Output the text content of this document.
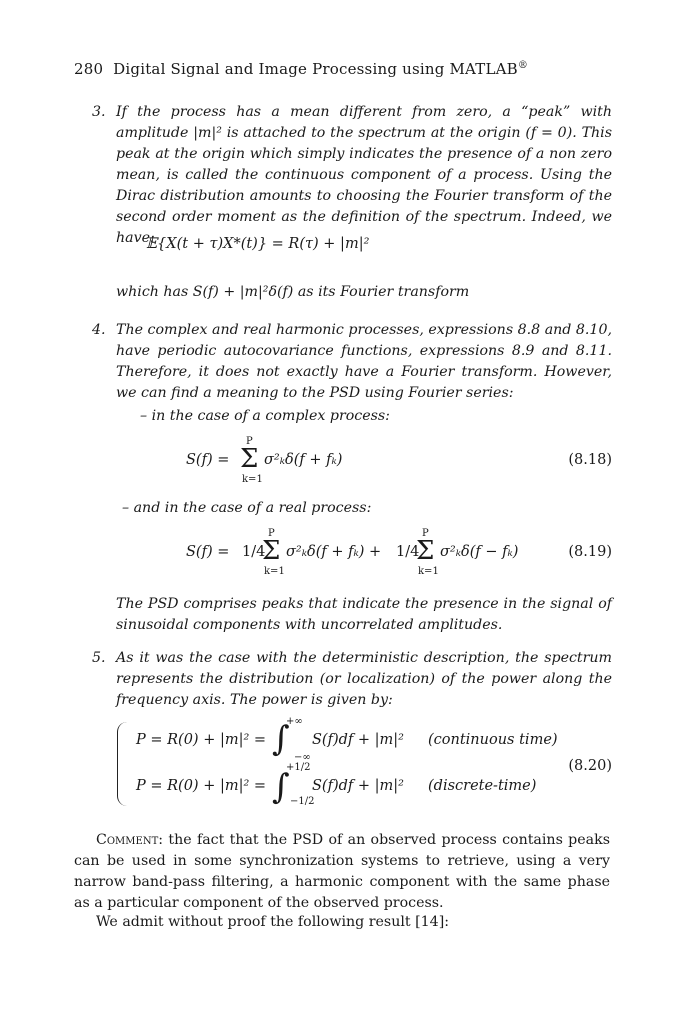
280 Digital Signal and Image Processing using MATLAB®
3. If the process has a mean different from zero, a “peak” with amplitude |m|² is attached to the spectrum at the origin (f = 0). This peak at the origin which simply indicates the presence of a non zero mean, is called the continuous component of a process. Using the Dirac distribution amounts to choosing the Fourier transform of the second order moment as the definition of the spectrum. Indeed, we have:
𝔼{X(t + τ)X*(t)} = R(τ) + |m|²
which has S(f) + |m|²δ(f) as its Fourier transform
4. The complex and real harmonic processes, expressions 8.8 and 8.10, have periodic autocovariance functions, expressions 8.9 and 8.11. Therefore, it does not exactly have a Fourier transform. However, we can find a meaning to the PSD using Fourier series:
– in the case of a complex process:
S(f) =
P
Σ
k=1
σ²ₖδ(f + fₖ)	(8.18)
– and in the case of a real process:
S(f) = 1/4
P
Σ
k=1
σ²ₖδ(f + fₖ) + 1/4
P
Σ
k=1
σ²ₖδ(f − fₖ)	(8.19)
The PSD comprises peaks that indicate the presence in the signal of sinusoidal components with uncorrelated amplitudes.
5. As it was the case with the deterministic description, the spectrum represents the distribution (or localization) of the power along the frequency axis. The power is given by:
P = R(0) + |m|² = ∫
+∞
−∞
S(f)df + |m|² (continuous time)
(8.20)
P = R(0) + |m|² = ∫
+1/2
−1/2
S(f)df + |m|² (discrete-time)
Comment: the fact that the PSD of an observed process contains peaks can be used in some synchronization systems to retrieve, using a very narrow band-pass filtering, a harmonic component with the same phase as a particular component of the observed process.
We admit without proof the following result [14]:
